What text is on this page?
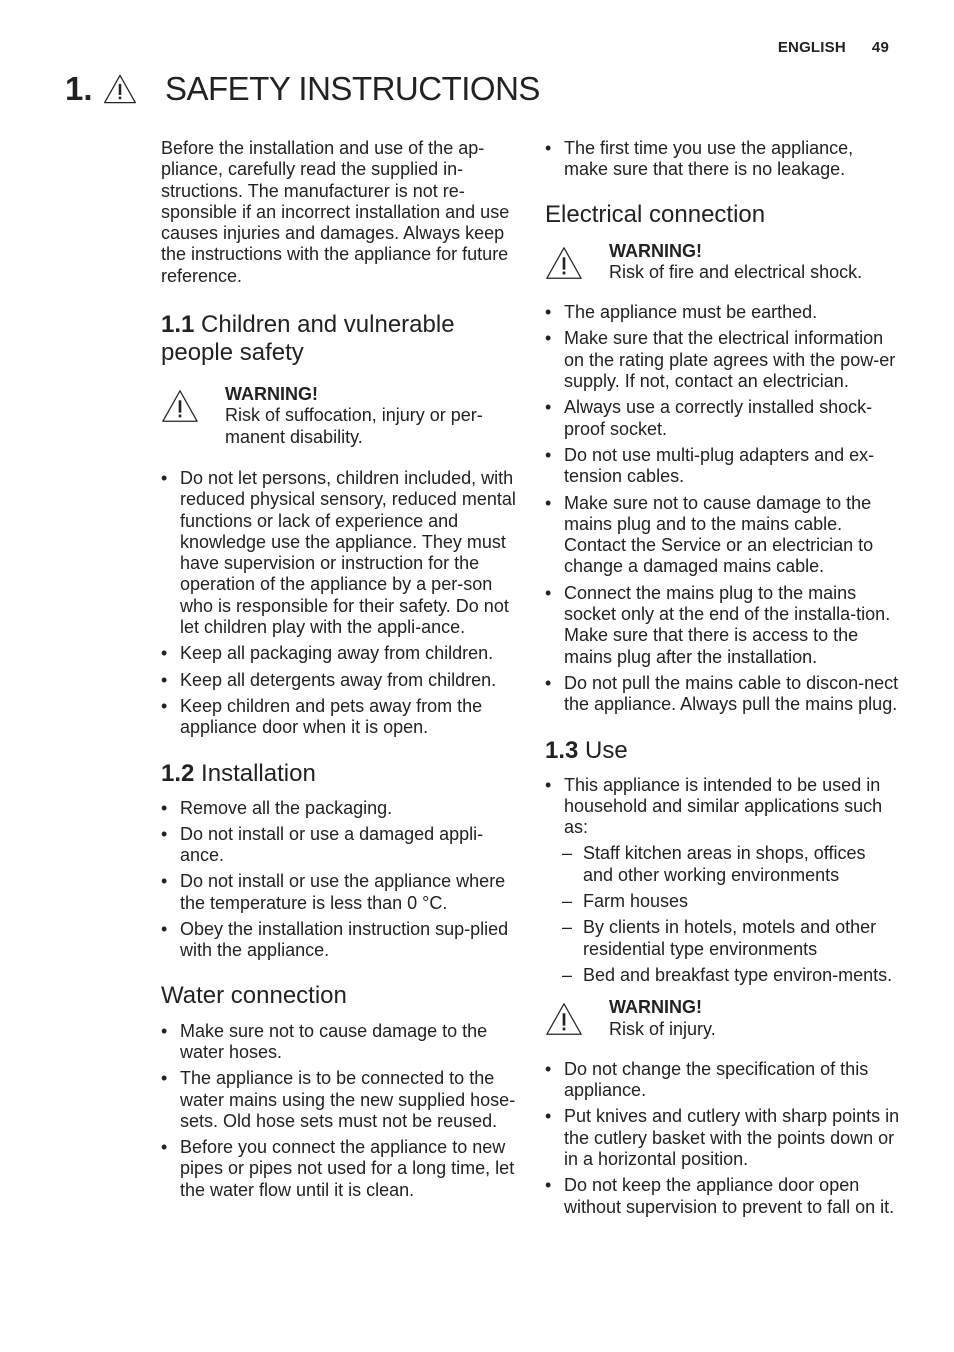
ENGLISH 49
1.	SAFETY INSTRUCTIONS

Before the installation and use of the ap-pliance, carefully read the supplied in-structions. The manufacturer is not re-sponsible if an incorrect installation and use causes injuries and damages. Always keep the instructions with the appliance for future reference.

1.1 Children and vulnerable people safety
WARNING!
Risk of suffocation, injury or per-manent disability.
• Do not let persons, children included, with reduced physical sensory, reduced mental functions or lack of experience and knowledge use the appliance. They must have supervision or instruction for the operation of the appliance by a per-son who is responsible for their safety. Do not let children play with the appli-ance.
• Keep all packaging away from children.
• Keep all detergents away from children.
• Keep children and pets away from the appliance door when it is open.
1.2 Installation
• Remove all the packaging.
• Do not install or use a damaged appli-ance.
• Do not install or use the appliance where the temperature is less than 0 °C.
• Obey the installation instruction sup-plied with the appliance.
Water connection
• Make sure not to cause damage to the water hoses.
• The appliance is to be connected to the water mains using the new supplied hose-sets. Old hose sets must not be reused.
• Before you connect the appliance to new pipes or pipes not used for a long time, let the water flow until it is clean.
• The first time you use the appliance, make sure that there is no leakage.
Electrical connection
WARNING!
Risk of fire and electrical shock.
• The appliance must be earthed.
• Make sure that the electrical information on the rating plate agrees with the pow-er supply. If not, contact an electrician.
• Always use a correctly installed shock-proof socket.
• Do not use multi-plug adapters and ex-tension cables.
• Make sure not to cause damage to the mains plug and to the mains cable. Contact the Service or an electrician to change a damaged mains cable.
• Connect the mains plug to the mains socket only at the end of the installa-tion. Make sure that there is access to the mains plug after the installation.
• Do not pull the mains cable to discon-nect the appliance. Always pull the mains plug.
1.3 Use
• This appliance is intended to be used in household and similar applications such as:
– Staff kitchen areas in shops, offices and other working environments
– Farm houses
– By clients in hotels, motels and other residential type environments
– Bed and breakfast type environ-ments.
WARNING!
Risk of injury.
• Do not change the specification of this appliance.
• Put knives and cutlery with sharp points in the cutlery basket with the points down or in a horizontal position.
• Do not keep the appliance door open without supervision to prevent to fall on it.
